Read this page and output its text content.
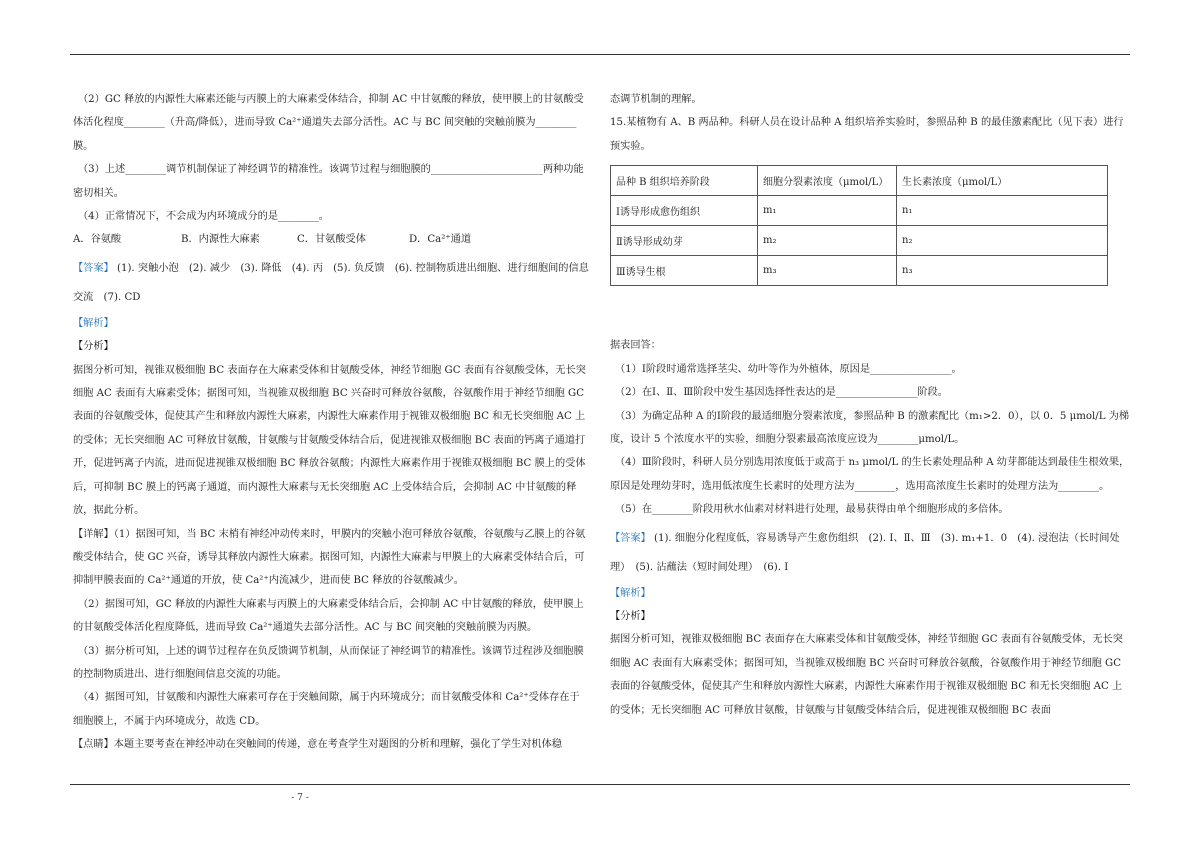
（2）GC 释放的内源性大麻素还能与丙膜上的大麻素受体结合，抑制 AC 中甘氨酸的释放，使甲膜上的甘氨酸受体活化程度________（升高/降低），进而导致 Ca²⁺通道失去部分活性。AC 与 BC 间突触的突触前膜为________膜。

（3）上述________调节机制保证了神经调节的精准性。该调节过程与细胞膜的______________________两种功能密切相关。

（4）正常情况下，不会成为内环境成分的是________。

A．谷氨酸	B．内源性大麻素	C．甘氨酸受体	D．Ca²⁺通道

【答案】 (1). 突触小泡　(2). 减少　(3). 降低　(4). 丙　(5). 负反馈　(6). 控制物质进出细胞、进行细胞间的信息交流　(7). CD

【解析】

【分析】

据图分析可知，视锥双极细胞 BC 表面存在大麻素受体和甘氨酸受体，神经节细胞 GC 表面有谷氨酸受体，无长突细胞 AC 表面有大麻素受体；据图可知，当视锥双极细胞 BC 兴奋时可释放谷氨酸，谷氨酸作用于神经节细胞 GC 表面的谷氨酸受体，促使其产生和释放内源性大麻素，内源性大麻素作用于视锥双极细胞 BC 和无长突细胞 AC 上的受体；无长突细胞 AC 可释放甘氨酸，甘氨酸与甘氨酸受体结合后，促进视锥双极细胞 BC 表面的钙离子通道打开，促进钙离子内流，进而促进视锥双极细胞 BC 释放谷氨酸；内源性大麻素作用于视锥双极细胞 BC 膜上的受体后，可抑制 BC 膜上的钙离子通道，而内源性大麻素与无长突细胞 AC 上受体结合后，会抑制 AC 中甘氨酸的释放，据此分析。

【详解】（1）据图可知，当 BC 末梢有神经冲动传来时，甲膜内的突触小泡可释放谷氨酸，谷氨酸与乙膜上的谷氨酸受体结合，使 GC 兴奋，诱导其释放内源性大麻素。据图可知，内源性大麻素与甲膜上的大麻素受体结合后，可抑制甲膜表面的 Ca²⁺通道的开放，使 Ca²⁺内流减少，进而使 BC 释放的谷氨酸减少。

（2）据图可知，GC 释放的内源性大麻素与丙膜上的大麻素受体结合后，会抑制 AC 中甘氨酸的释放，使甲膜上的甘氨酸受体活化程度降低，进而导致 Ca²⁺通道失去部分活性。AC 与 BC 间突触的突触前膜为丙膜。

（3）据分析可知，上述的调节过程存在负反馈调节机制，从而保证了神经调节的精准性。该调节过程涉及细胞膜的控制物质进出、进行细胞间信息交流的功能。

（4）据图可知，甘氨酸和内源性大麻素可存在于突触间隙，属于内环境成分；而甘氨酸受体和 Ca²⁺受体存在于细胞膜上，不属于内环境成分，故选 CD。

【点睛】本题主要考查在神经冲动在突触间的传递，意在考查学生对题图的分析和理解，强化了学生对机体稳

态调节机制的理解。

15.某植物有 A、B 两品种。科研人员在设计品种 A 组织培养实验时，参照品种 B 的最佳激素配比（见下表）进行预实验。

品种 B 组织培养阶段	细胞分裂素浓度（μmol/L）	生长素浓度（μmol/L）
Ⅰ诱导形成愈伤组织	m₁	n₁
Ⅱ诱导形成幼芽	m₂	n₂
Ⅲ诱导生根	m₃	n₃

据表回答：

（1）Ⅰ阶段时通常选择茎尖、幼叶等作为外植体，原因是________________。

（2）在Ⅰ、Ⅱ、Ⅲ阶段中发生基因选择性表达的是________________阶段。

（3）为确定品种 A 的Ⅰ阶段的最适细胞分裂素浓度，参照品种 B 的激素配比（m₁>2．0），以 0．5 μmol/L 为梯度，设计 5 个浓度水平的实验，细胞分裂素最高浓度应设为________μmol/L。

（4）Ⅲ阶段时，科研人员分别选用浓度低于或高于 n₃ μmol/L 的生长素处理品种 A 幼芽都能达到最佳生根效果，原因是处理幼芽时，选用低浓度生长素时的处理方法为________，选用高浓度生长素时的处理方法为________。

（5）在________阶段用秋水仙素对材料进行处理，最易获得由单个细胞形成的多倍体。

【答案】 (1). 细胞分化程度低，容易诱导产生愈伤组织　(2). Ⅰ、Ⅱ、Ⅲ　(3). m₁+1．0　(4). 浸泡法（长时间处理）　(5). 沾蘸法（短时间处理）　(6). Ⅰ

【解析】

【分析】

据图分析可知，视锥双极细胞 BC 表面存在大麻素受体和甘氨酸受体，神经节细胞 GC 表面有谷氨酸受体，无长突细胞 AC 表面有大麻素受体；据图可知，当视锥双极细胞 BC 兴奋时可释放谷氨酸，谷氨酸作用于神经节细胞 GC 表面的谷氨酸受体，促使其产生和释放内源性大麻素，内源性大麻素作用于视锥双极细胞 BC 和无长突细胞 AC 上的受体；无长突细胞 AC 可释放甘氨酸，甘氨酸与甘氨酸受体结合后，促进视锥双极细胞 BC 表面

- 7 -
